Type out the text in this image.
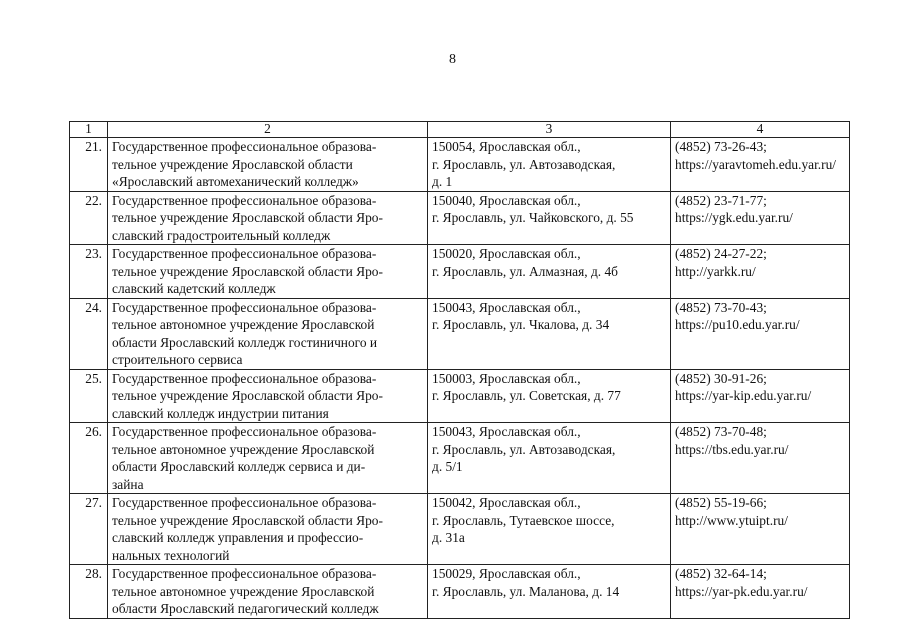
8
1	2	3	4
21.	Государственное профессиональное образова-
тельное учреждение Ярославской области
«Ярославский автомеханический колледж»	150054, Ярославская обл.,
г. Ярославль, ул. Автозаводская,
д. 1	(4852) 73-26-43;
https://yaravtomeh.edu.yar.ru/

22.	Государственное профессиональное образова-
тельное учреждение Ярославской области Яро-
славский градостроительный колледж	150040, Ярославская обл.,
г. Ярославль, ул. Чайковского, д. 55	(4852) 23-71-77;
https://ygk.edu.yar.ru/

23.	Государственное профессиональное образова-
тельное учреждение Ярославской области Яро-
славский кадетский колледж	150020, Ярославская обл.,
г. Ярославль, ул. Алмазная, д. 4б	(4852) 24-27-22;
http://yarkk.ru/

24.	Государственное профессиональное образова-
тельное автономное учреждение Ярославской
области Ярославский колледж гостиничного и
строительного сервиса	150043, Ярославская обл.,
г. Ярославль, ул. Чкалова, д. 34	(4852) 73-70-43;
https://pu10.edu.yar.ru/

25.	Государственное профессиональное образова-
тельное учреждение Ярославской области Яро-
славский колледж индустрии питания	150003, Ярославская обл.,
г. Ярославль, ул. Советская, д. 77	(4852) 30-91-26;
https://yar-kip.edu.yar.ru/

26.	Государственное профессиональное образова-
тельное автономное учреждение Ярославской
области Ярославский колледж сервиса и ди-
зайна	150043, Ярославская обл.,
г. Ярославль, ул. Автозаводская,
д. 5/1	(4852) 73-70-48;
https://tbs.edu.yar.ru/

27.	Государственное профессиональное образова-
тельное учреждение Ярославской области Яро-
славский колледж управления и профессио-
нальных технологий	150042, Ярославская обл.,
г. Ярославль, Тутаевское шоссе,
д. 31а	(4852) 55-19-66;
http://www.ytuipt.ru/

28.	Государственное профессиональное образова-
тельное автономное учреждение Ярославской
области Ярославский педагогический колледж	150029, Ярославская обл.,
г. Ярославль, ул. Маланова, д. 14	(4852) 32-64-14;
https://yar-pk.edu.yar.ru/
